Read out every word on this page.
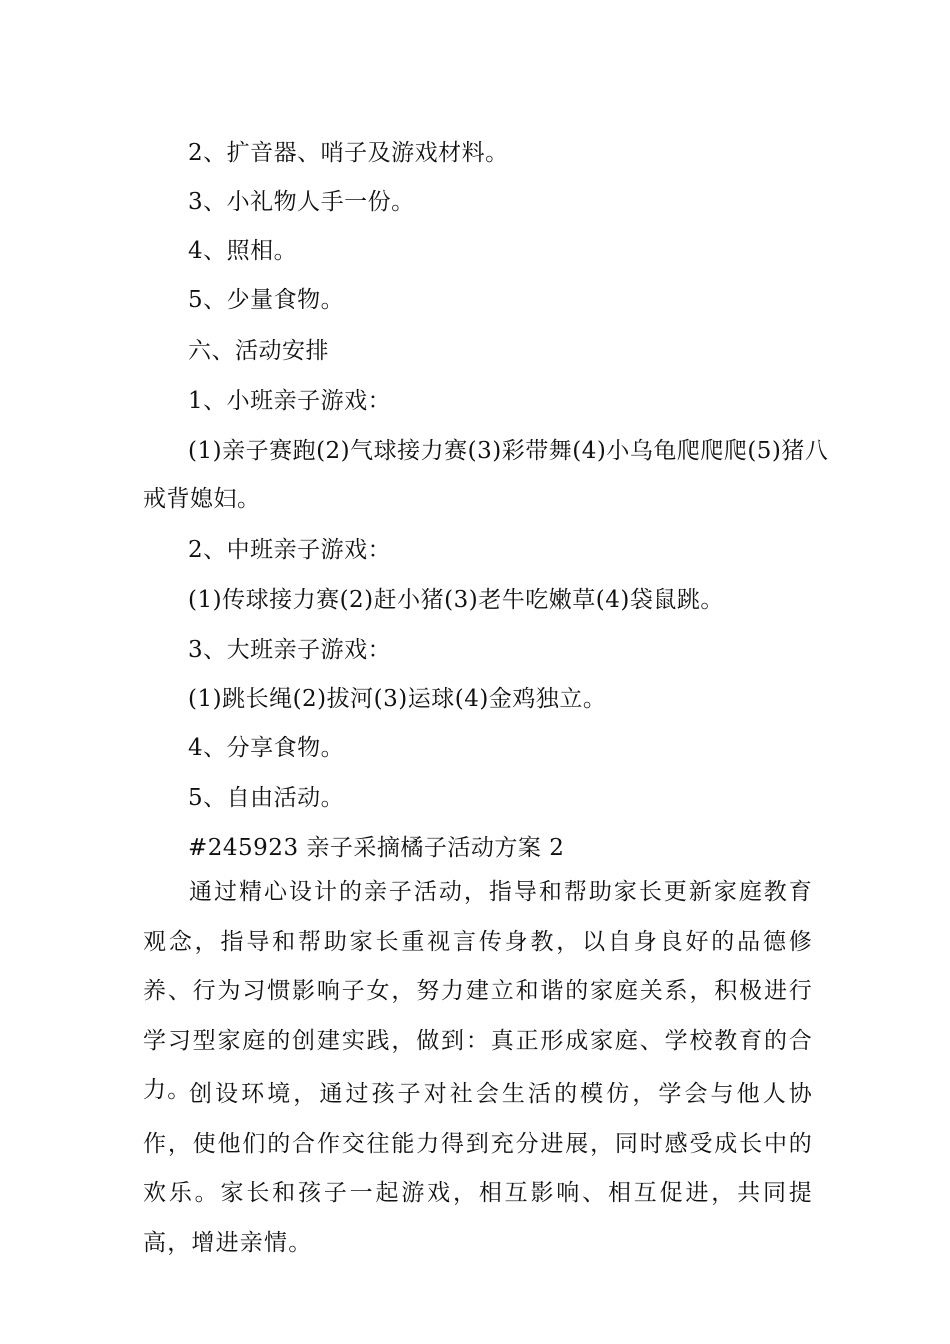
2、扩音器、哨子及游戏材料。
3、小礼物人手一份。
4、照相。
5、少量食物。
六、活动安排
1、小班亲子游戏：
(1)亲子赛跑(2)气球接力赛(3)彩带舞(4)小乌龟爬爬爬(5)猪八
戒背媳妇。
2、中班亲子游戏：
(1)传球接力赛(2)赶小猪(3)老牛吃嫩草(4)袋鼠跳。
3、大班亲子游戏：
(1)跳长绳(2)拔河(3)运球(4)金鸡独立。
4、分享食物。
5、自由活动。
#245923 亲子采摘橘子活动方案 2
通过精心设计的亲子活动，指导和帮助家长更新家庭教育观念，指导和帮助家长重视言传身教，以自身良好的品德修养、行为习惯影响子女，努力建立和谐的家庭关系，积极进行学习型家庭的创建实践，做到：真正形成家庭、学校教育的合力。
创设环境，通过孩子对社会生活的模仿，学会与他人协作，使他们的合作交往能力得到充分进展，同时感受成长中的欢乐。家长和孩子一起游戏，相互影响、相互促进，共同提高，增进亲情。
